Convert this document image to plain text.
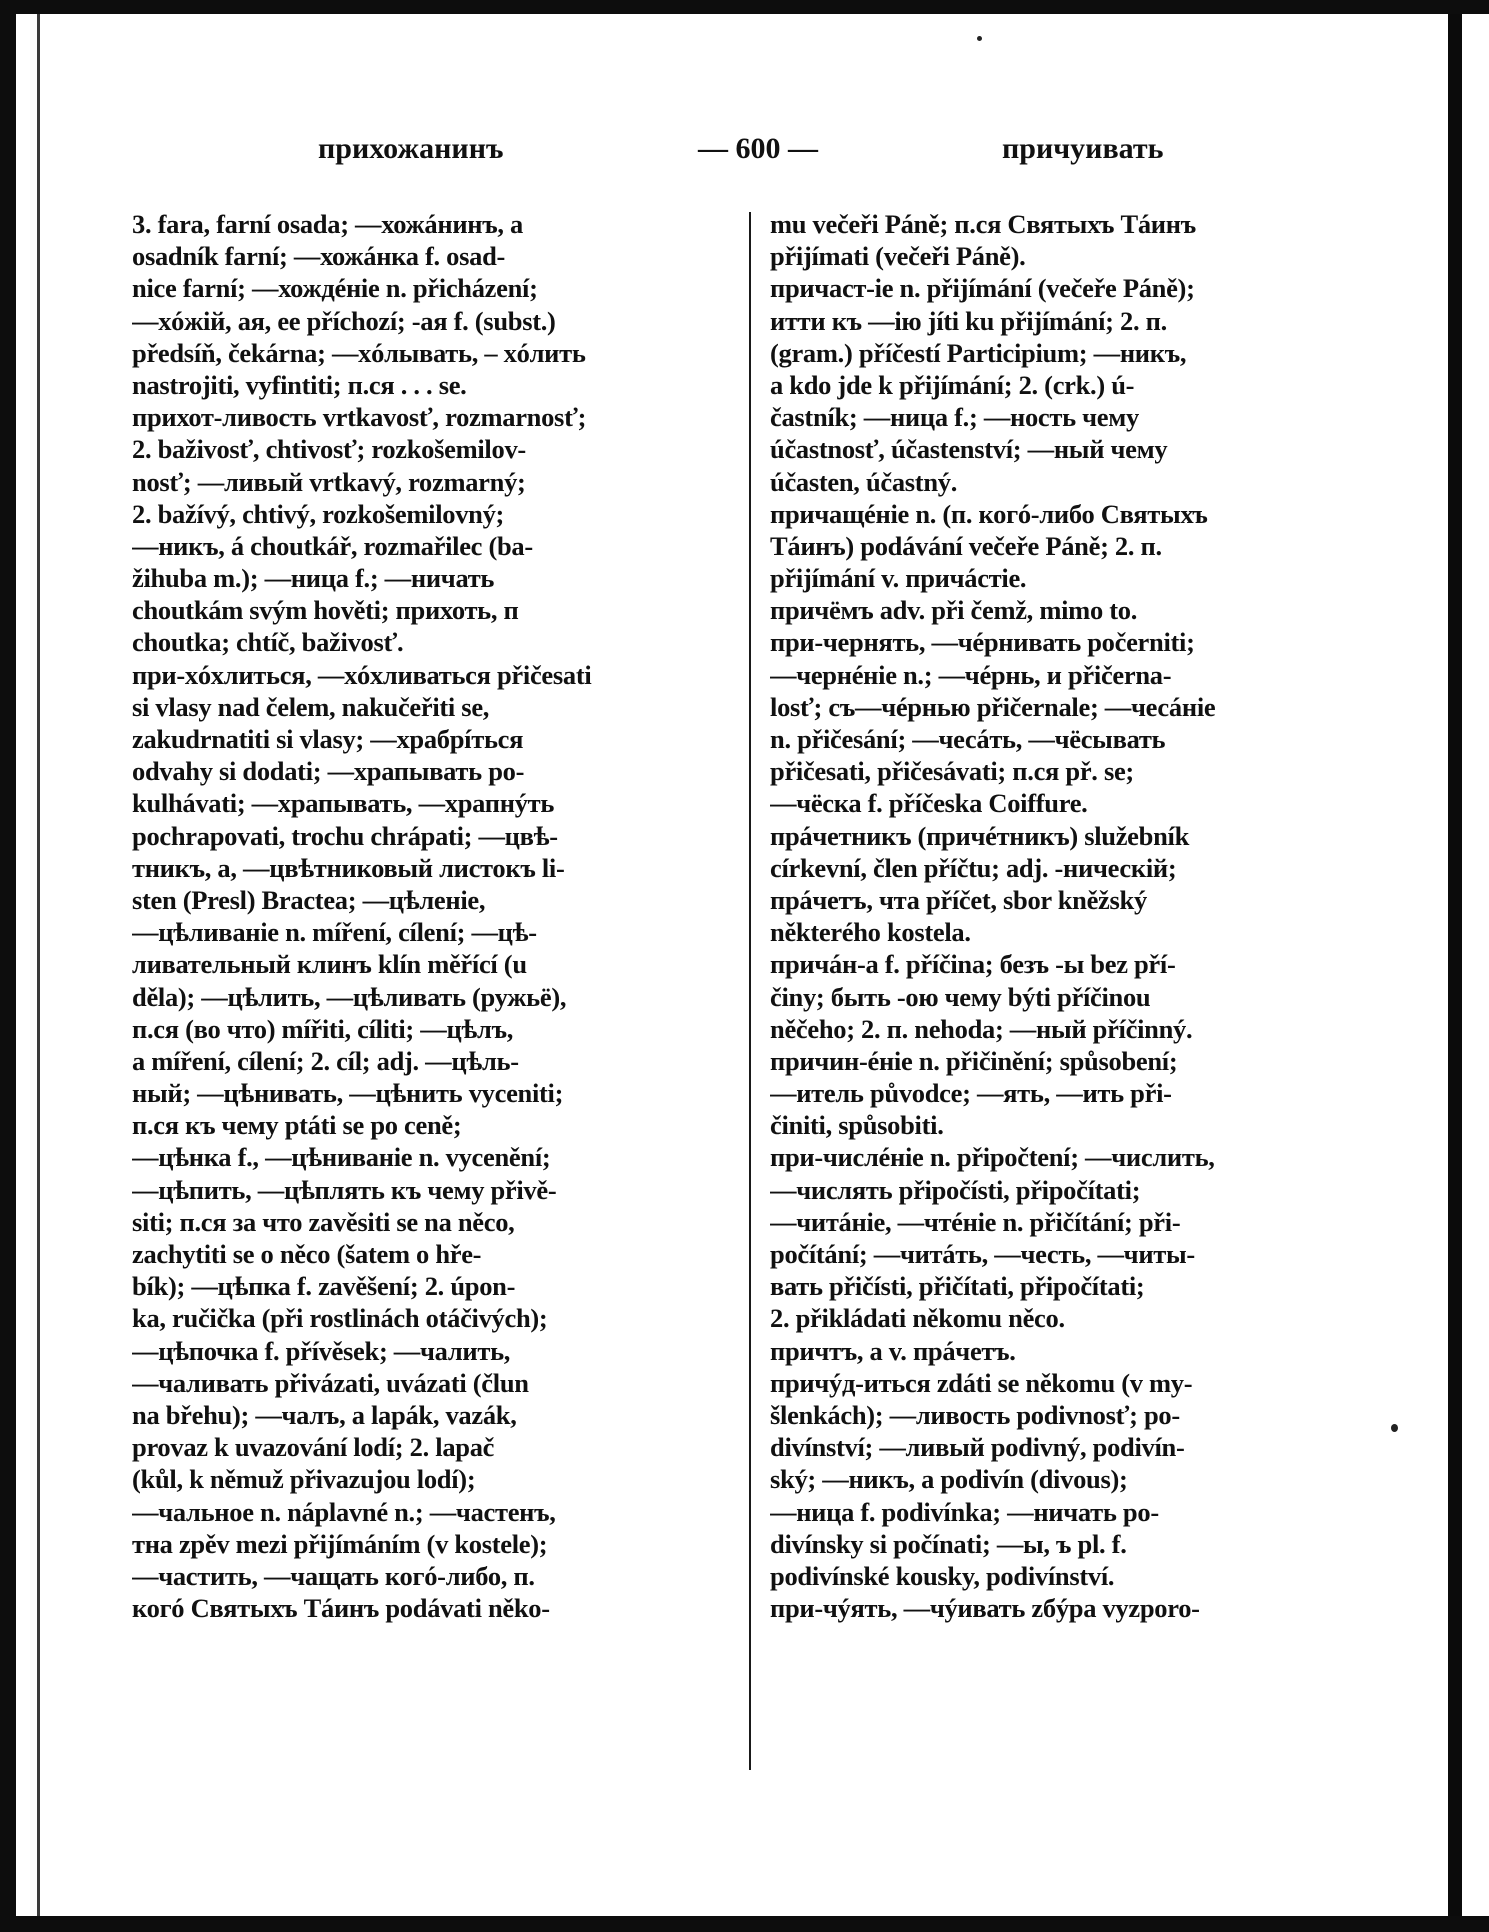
прихожанинъ	— 600 —	причуивать
3. fara, farní osada; —хожáнинъ, a
osadník farní; —хожáнка f. osad-
nice farní; —хождéнie n. přicházení;
—хóжiй, ая, ее příchozí; -ая f. (subst.)
předsíň, čekárna; —хóлывать, – хóлить
nastrojiti, vyfintiti; п.ся . . . se.
прихот-ливость vrtkavosť, rozmarnosť;
2. baživosť, chtivosť; rozkošemilov-
nosť; —ливый vrtkavý, rozmarný;
2. bažívý, chtivý, rozkošemilovný;
—никъ, á choutkář, rozmařilec (ba-
žihuba m.); —ница f.; —ничать
choutkám svým hověti; прихоть, п
choutka; chtíč, baživosť.
при-хóхлиться, —хóхливаться přičesati
si vlasy nad čelem, nakučeřiti se,
zakudrnatiti si vlasy; —храбрíться
odvahy si dodati; —храпывать po-
kulhávati; —храпывать, —храпнýть
pochrapovati, trochu chrápati; —цвѣ-
тникъ, а, —цвѣтниковый листокъ li-
sten (Presl) Bractea; —цѣленie,
—цѣливанie n. míření, cílení; —цѣ-
ливательный клинъ klín měřící (u
děla); —цѣлить, —цѣливать (ружьё),
п.ся (во что) mířiti, cíliti; —цѣлъ,
a míření, cílení; 2. cíl; adj. —цѣль-
ный; —цѣнивать, —цѣнить vyceniti;
п.ся къ чему ptáti se po ceně;
—цѣнка f., —цѣниванie n. vycenění;
—цѣпить, —цѣплять къ чему přivě-
siti; п.ся за что zavěsiti se na něco,
zachytiti se o něco (šatem o hře-
bík); —цѣпка f. zavěšení; 2. úpon-
ka, ručička (při rostlinách otáčivých);
—цѣпочка f. přívěsek; —чалить,
—чаливать přivázati, uvázati (člun
na břehu); —чалъ, а lapák, vazák,
provaz k uvazování lodí; 2. lapač
(kůl, k němuž přivazujou lodí);
—чальное n. náplavné n.; —частенъ,
тна zpěv mezi přijímáním (v kostele);
—частить, —чащать когó-либо, п.
когó Святыхъ Тáинъ podávati něko-
mu večeři Páně; п.ся Святыхъ Тáинъ
přijímati (večeři Páně).
причаст-ie n. přijímání (večeře Páně);
итти къ —iю jíti ku přijímání; 2. п.
(gram.) příčestí Participium; —никъ,
a kdo jde k přijímání; 2. (crk.) ú-
častník; —ница f.; —ность чему
účastnosť, účastenství; —ный чему
účasten, účastný.
причащéнie n. (п. когó-либо Святыхъ
Тáинъ) podávání večeře Páně; 2. п.
přijímání v. причáстie.
причёмъ adv. při čemž, mimo to.
при-чернять, —чéрнивать počerniti;
—чернéнie n.; —чéрнь, и přičerna-
losť; съ—чéрнью přičernale; —чесáнie
n. přičesání; —чесáть, —чёсывать
přičesati, přičesávati; п.ся př. se;
—чёска f. příčeska Coiffure.
прáчетникъ (причéтникъ) služebník
církevní, člen příčtu; adj. -ническiй;
прáчетъ, чта příčet, sbor kněžský
některého kostela.
причáн-а f. příčina; безъ -ы bez pří-
činy; быть -ою чему býti příčinou
něčeho; 2. п. nehoda; —ный příčinný.
причин-éнie n. přičinění; spůsobení;
—итель původce; —ять, —ить při-
činiti, spůsobiti.
при-числéнie n. připočtení; —числить,
—числять připočísti, připočítati;
—читáнie, —чтéнie n. přičítání; při-
počítání; —читáть, —честь, —читы-
вать přičísti, přičítati, připočítati;
2. přikládati někomu něco.
причтъ, а v. прáчетъ.
причýд-иться zdáti se někomu (v my-
šlenkách); —ливость podivnosť; po-
divínství; —ливый podivný, podivín-
ský; —никъ, а podivín (divous);
—ница f. podivínka; —ничать po-
divínsky si počínati; —ы, ъ pl. f.
podivínské kousky, podivínství.
при-чýять, —чýивать zбýра vyzporo-
